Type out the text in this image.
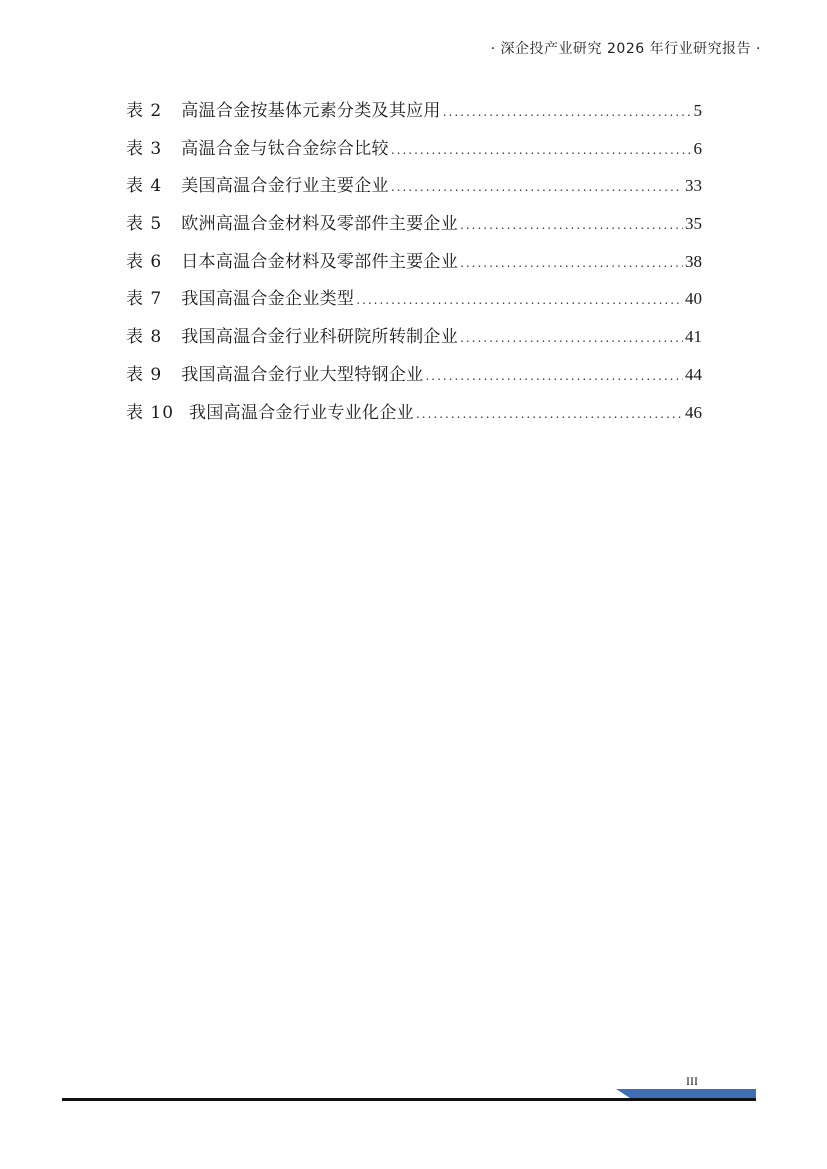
· 深企投产业研究 2026 年行业研究报告 ·
表 2	高温合金按基体元素分类及其应用 .....	5
表 3	高温合金与钛合金综合比较 .....	6
表 4	美国高温合金行业主要企业 .....	33
表 5	欧洲高温合金材料及零部件主要企业 .....	35
表 6	日本高温合金材料及零部件主要企业 .....	38
表 7	我国高温合金企业类型 .....	40
表 8	我国高温合金行业科研院所转制企业 .....	41
表 9	我国高温合金行业大型特钢企业 .....	44
表 10 我国高温合金行业专业化企业 .....	46
III
